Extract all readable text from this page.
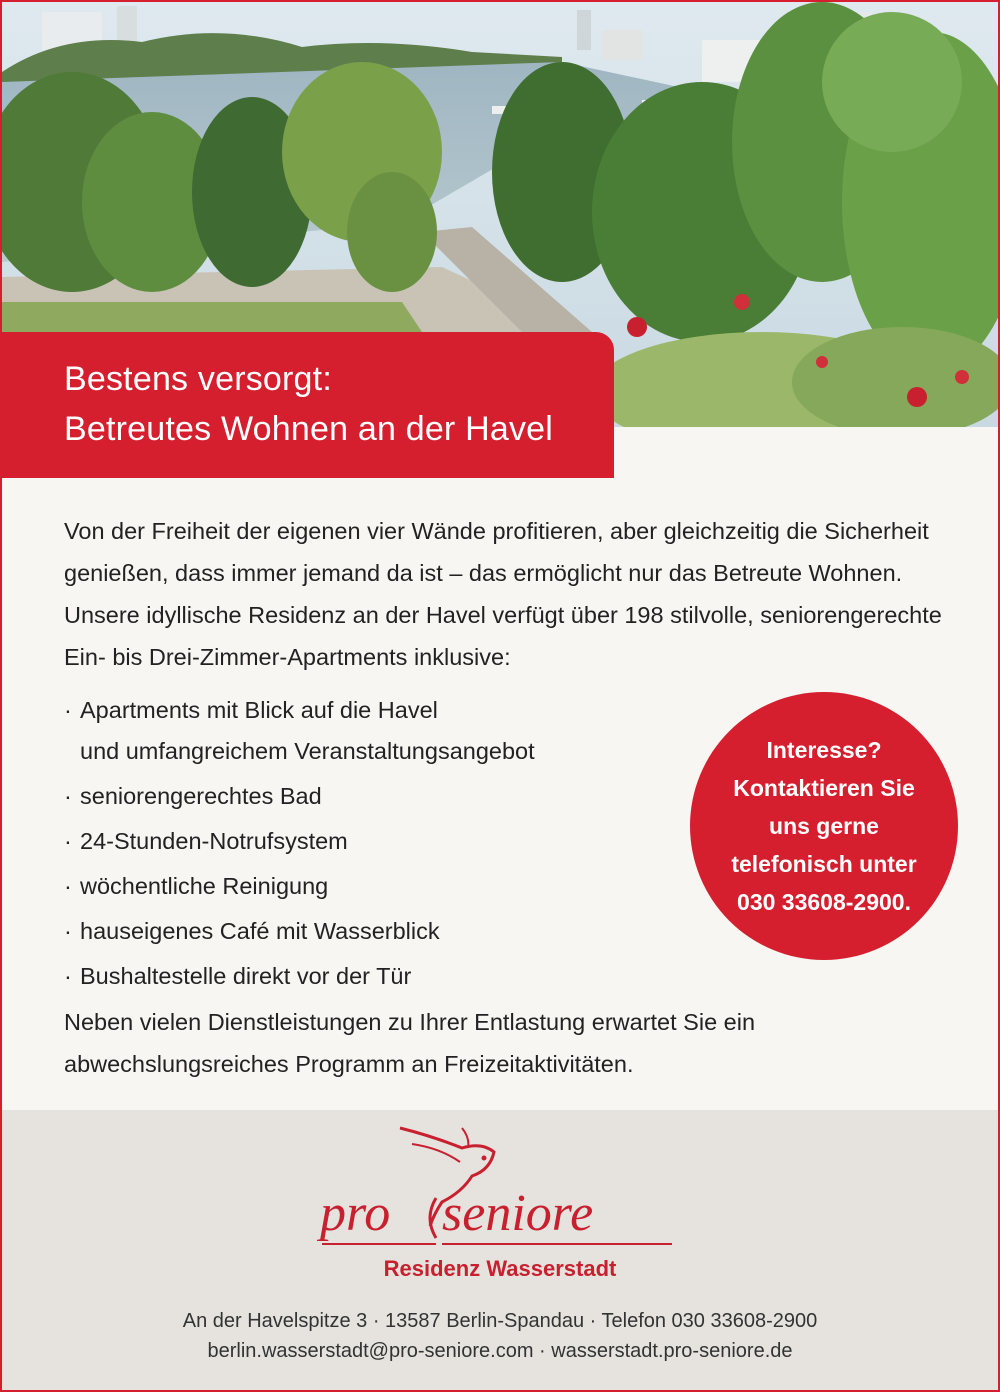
Bestens versorgt:
Betreutes Wohnen an der Havel

Von der Freiheit der eigenen vier Wände profitieren, aber gleichzeitig die Sicherheit genießen, dass immer jemand da ist – das ermöglicht nur das Betreute Wohnen. Unsere idyllische Residenz an der Havel verfügt über 198 stilvolle, seniorengerechte Ein- bis Drei-Zimmer-Apartments inklusive:

· Apartments mit Blick auf die Havel
und umfangreichem Veranstaltungsangebot
· seniorengerechtes Bad
· 24-Stunden-Notrufsystem
· wöchentliche Reinigung
· hauseigenes Café mit Wasserblick
· Bushaltestelle direkt vor der Tür

Neben vielen Dienstleistungen zu Ihrer Entlastung erwartet Sie ein abwechslungsreiches Programm an Freizeitaktivitäten.

Interesse?
Kontaktieren Sie
uns gerne
telefonisch unter
030 33608-2900.
pro seniore
Residenz Wasserstadt
An der Havelspitze 3 · 13587 Berlin-Spandau · Telefon 030 33608-2900
berlin.wasserstadt@pro-seniore.com · wasserstadt.pro-seniore.de
